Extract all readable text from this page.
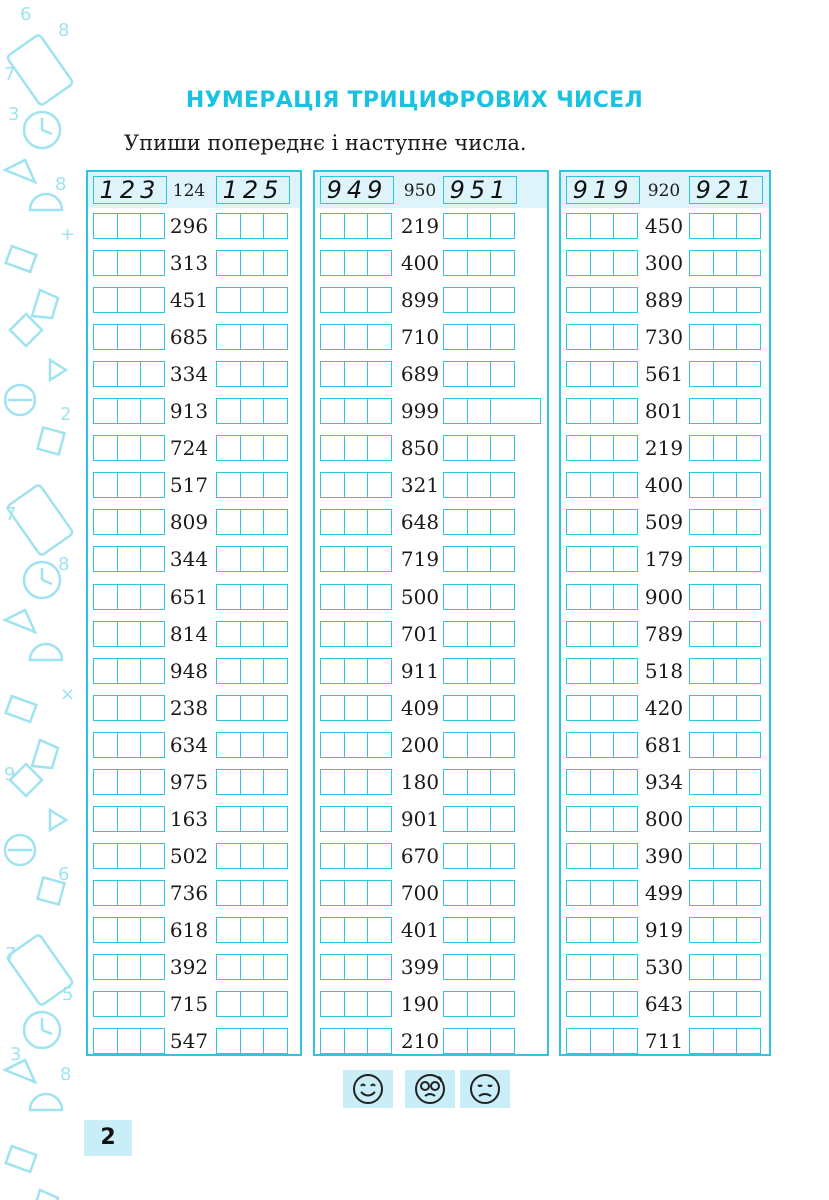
6
8
7
3
8
+
2
7
8
×
9
6
7
5
3
8
НУМЕРАЦІЯ ТРИЦИФРОВИХ ЧИСЕЛ
Упиши попереднє і наступне числа.
123 124 125
296
313
451
685
334
913
724
517
809
344
651
814
948
238
634
975
163
502
736
618
392
715
547
949 950 951
219
400
899
710
689
999
850
321
648
719
500
701
911
409
200
180
901
670
700
401
399
190
210
919 920 921
450
300
889
730
561
801
219
400
509
179
900
789
518
420
681
934
800
390
499
919
530
643
711
2
